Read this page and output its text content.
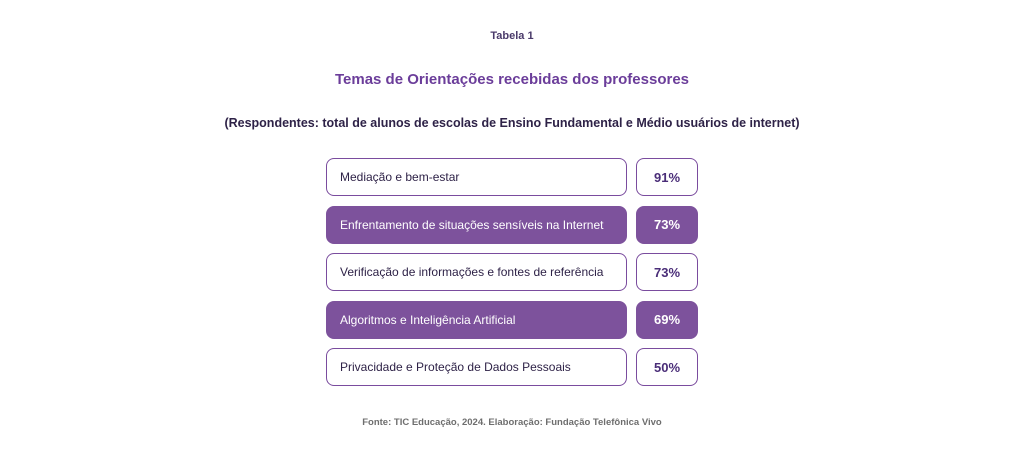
Tabela 1
Temas de Orientações recebidas dos professores
(Respondentes: total de alunos de escolas de Ensino Fundamental e Médio usuários de internet)
Mediação e bem-estar	91%
Enfrentamento de situações sensíveis na Internet	73%
Verificação de informações e fontes de referência	73%
Algoritmos e Inteligência Artificial	69%
Privacidade e Proteção de Dados Pessoais	50%
Fonte: TIC Educação, 2024. Elaboração: Fundação Telefônica Vivo
